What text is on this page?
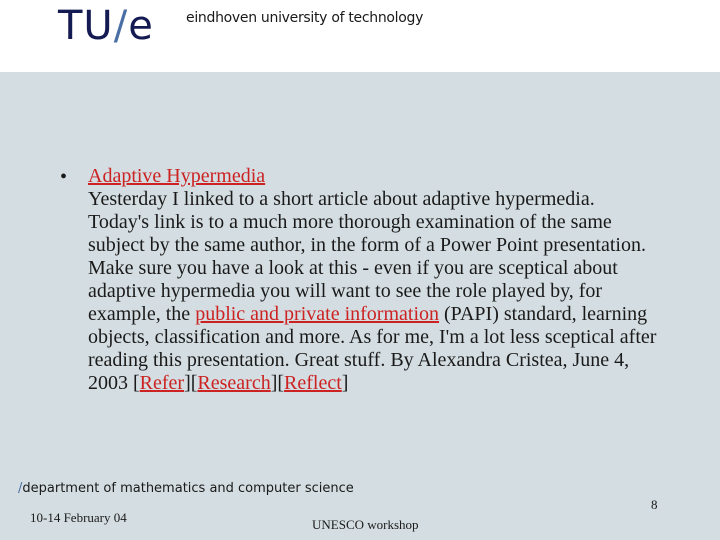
TU/e eindhoven university of technology
• Adaptive Hypermedia
Yesterday I linked to a short article about adaptive hypermedia. Today's link is to a much more thorough examination of the same subject by the same author, in the form of a Power Point presentation. Make sure you have a look at this - even if you are sceptical about adaptive hypermedia you will want to see the role played by, for example, the public and private information (PAPI) standard, learning objects, classification and more. As for me, I'm a lot less sceptical after reading this presentation. Great stuff. By Alexandra Cristea, June 4, 2003 [Refer][Research][Reflect]
/department of mathematics and computer science
10-14 February 04	UNESCO workshop
8
